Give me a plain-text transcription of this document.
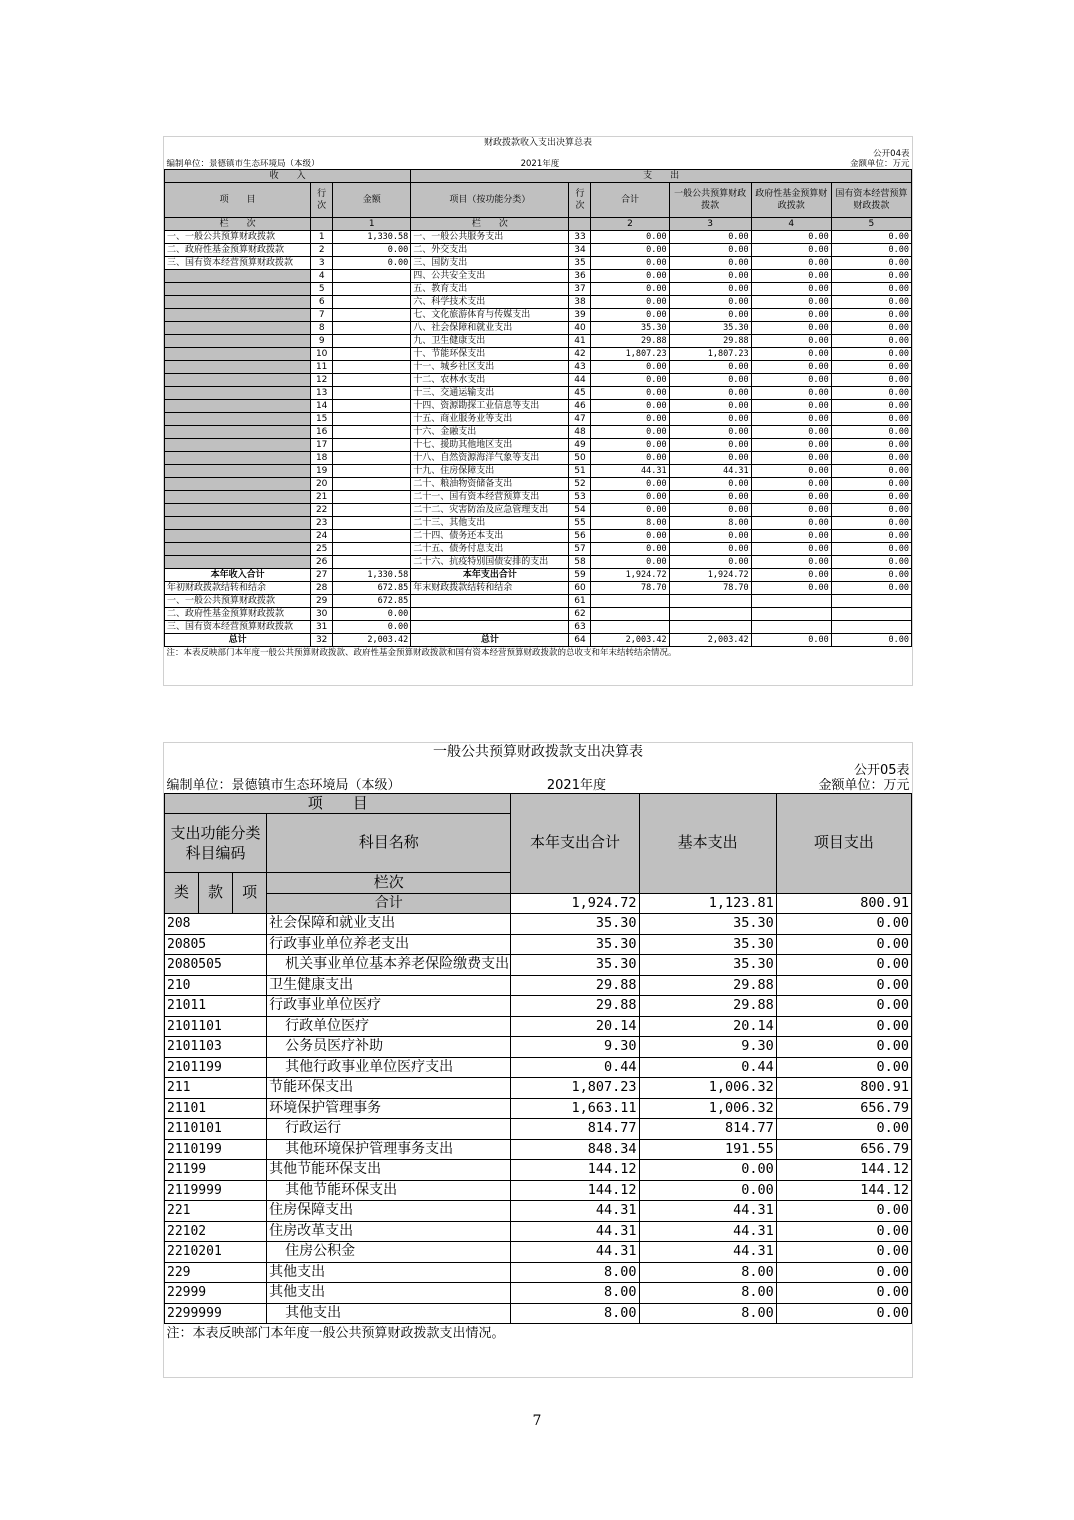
财政拨款收入支出决算总表								
公开04表								
编制单位：景德镇市生态环境局（本级）			2021年度			金额单位：万元		
收　　入			支　　出					
项　　目	行次	金额	项目（按功能分类）	行次	合计	一般公共预算财政拨款	政府性基金预算财政拨款	国有资本经营预算财政拨款
栏　　次		1	栏　　次		2	3	4	5
一、一般公共预算财政拨款	1	1,330.58	一、一般公共服务支出	33	0.00	0.00	0.00	0.00
二、政府性基金预算财政拨款	2	0.00	二、外交支出	34	0.00	0.00	0.00	0.00
三、国有资本经营预算财政拨款	3	0.00	三、国防支出	35	0.00	0.00	0.00	0.00
	4		四、公共安全支出	36	0.00	0.00	0.00	0.00
	5		五、教育支出	37	0.00	0.00	0.00	0.00
	6		六、科学技术支出	38	0.00	0.00	0.00	0.00
	7		七、文化旅游体育与传媒支出	39	0.00	0.00	0.00	0.00
	8		八、社会保障和就业支出	40	35.30	35.30	0.00	0.00
	9		九、卫生健康支出	41	29.88	29.88	0.00	0.00
	10		十、节能环保支出	42	1,807.23	1,807.23	0.00	0.00
	11		十一、城乡社区支出	43	0.00	0.00	0.00	0.00
	12		十二、农林水支出	44	0.00	0.00	0.00	0.00
	13		十三、交通运输支出	45	0.00	0.00	0.00	0.00
	14		十四、资源勘探工业信息等支出	46	0.00	0.00	0.00	0.00
	15		十五、商业服务业等支出	47	0.00	0.00	0.00	0.00
	16		十六、金融支出	48	0.00	0.00	0.00	0.00
	17		十七、援助其他地区支出	49	0.00	0.00	0.00	0.00
	18		十八、自然资源海洋气象等支出	50	0.00	0.00	0.00	0.00
	19		十九、住房保障支出	51	44.31	44.31	0.00	0.00
	20		二十、粮油物资储备支出	52	0.00	0.00	0.00	0.00
	21		二十一、国有资本经营预算支出	53	0.00	0.00	0.00	0.00
	22		二十二、灾害防治及应急管理支出	54	0.00	0.00	0.00	0.00
	23		二十三、其他支出	55	8.00	8.00	0.00	0.00
	24		二十四、债务还本支出	56	0.00	0.00	0.00	0.00
	25		二十五、债务付息支出	57	0.00	0.00	0.00	0.00
	26		二十六、抗疫特别国债安排的支出	58	0.00	0.00	0.00	0.00
本年收入合计	27	1,330.58	本年支出合计	59	1,924.72	1,924.72	0.00	0.00
年初财政拨款结转和结余	28	672.85	年末财政拨款结转和结余	60	78.70	78.70	0.00	0.00
一、一般公共预算财政拨款	29	672.85		61				
二、政府性基金预算财政拨款	30	0.00		62				
三、国有资本经营预算财政拨款	31	0.00		63				
总计	32	2,003.42	总计	64	2,003.42	2,003.42	0.00	0.00
注：本表反映部门本年度一般公共预算财政拨款、政府性基金预算财政拨款和国有资本经营预算财政拨款的总收支和年末结转结余情况。								
一般公共预算财政拨款支出决算表						
公开05表						
编制单位：景德镇市生态环境局（本级）				2021年度		金额单位：万元
项　　目				本年支出合计	基本支出	项目支出
支出功能分类科目编码			科目名称			
类	款	项	栏次			
			合计	1,924.72	1,123.81	800.91
208			社会保障和就业支出	35.30	35.30	0.00
20805			行政事业单位养老支出	35.30	35.30	0.00
2080505			机关事业单位基本养老保险缴费支出	35.30	35.30	0.00
210			卫生健康支出	29.88	29.88	0.00
21011			行政事业单位医疗	29.88	29.88	0.00
2101101			行政单位医疗	20.14	20.14	0.00
2101103			公务员医疗补助	9.30	9.30	0.00
2101199			其他行政事业单位医疗支出	0.44	0.44	0.00
211			节能环保支出	1,807.23	1,006.32	800.91
21101			环境保护管理事务	1,663.11	1,006.32	656.79
2110101			行政运行	814.77	814.77	0.00
2110199			其他环境保护管理事务支出	848.34	191.55	656.79
21199			其他节能环保支出	144.12	0.00	144.12
2119999			其他节能环保支出	144.12	0.00	144.12
221			住房保障支出	44.31	44.31	0.00
22102			住房改革支出	44.31	44.31	0.00
2210201			住房公积金	44.31	44.31	0.00
229			其他支出	8.00	8.00	0.00
22999			其他支出	8.00	8.00	0.00
2299999			其他支出	8.00	8.00	0.00
注：本表反映部门本年度一般公共预算财政拨款支出情况。						
7
